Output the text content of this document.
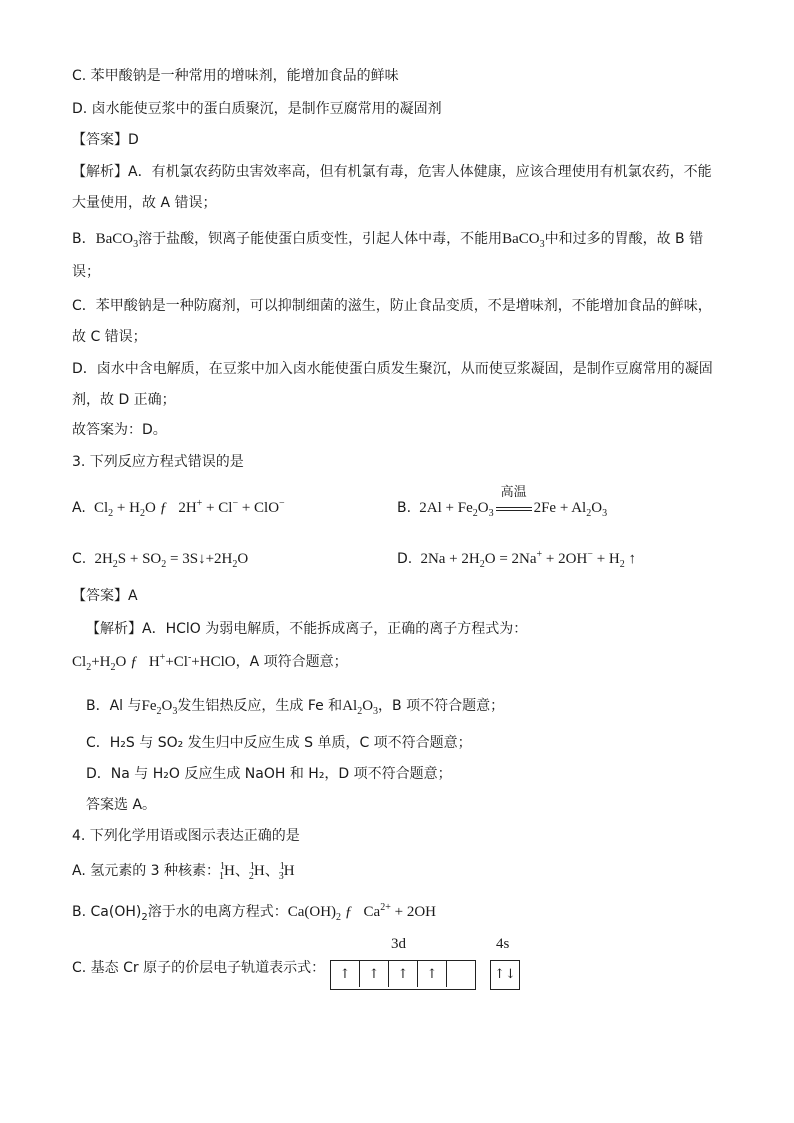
C. 苯甲酸钠是一种常用的增味剂，能增加食品的鲜味
D. 卤水能使豆浆中的蛋白质聚沉，是制作豆腐常用的凝固剂
【答案】D
【解析】A．有机氯农药防虫害效率高，但有机氯有毒，危害人体健康，应该合理使用有机氯农药，不能
大量使用，故 A 错误；
B．BaCO$_3$溶于盐酸，钡离子能使蛋白质变性，引起人体中毒，不能用BaCO$_3$中和过多的胃酸，故 B 错
误；
C．苯甲酸钠是一种防腐剂，可以抑制细菌的滋生，防止食品变质，不是增味剂，不能增加食品的鲜味，
故 C 错误；
D．卤水中含电解质，在豆浆中加入卤水能使蛋白质发生聚沉，从而使豆浆凝固，是制作豆腐常用的凝固
剂，故 D 正确；
故答案为：D。
3. 下列反应方程式错误的是
A.  $Cl_2 + H_2O$ ƒ   2H+ + Cl− + ClO−	B.  $2Al + Fe_2O_3$
高温
$2Fe + Al_2O_3$
C.  $2H_2S + SO_2$ = $3S↓+2H_2O$	D.  $2Na + 2H_2O = 2Na^+ + 2OH^- + H_2$ ↑
【答案】A
【解析】A．HClO 为弱电解质，不能拆成离子，正确的离子方程式为：
$Cl_2+H_2O$ ƒ   H++Cl-+HClO，A 项符合题意；
B．Al 与$Fe_2O_3$发生铝热反应，生成 Fe 和$Al_2O_3$，B 项不符合题意；
C．H₂S 与 SO₂ 发生归中反应生成 S 单质，C 项不符合题意；
D．Na 与 H₂O 反应生成 NaOH 和 H₂，D 项不符合题意；
答案选 A。
4. 下列化学用语或图示表达正确的是
A. 氢元素的 3 种核素：$^1_1$H、$^1_2$H、$^1_3$H
B. $Ca(OH)_2$溶于水的电离方程式：$Ca(OH)_2$ ƒ   $Ca^{2+} + 2OH$
C. 基态 Cr 原子的价层电子轨道表示式：
3d	4s
↑	↑	↑	↑	↑↓
